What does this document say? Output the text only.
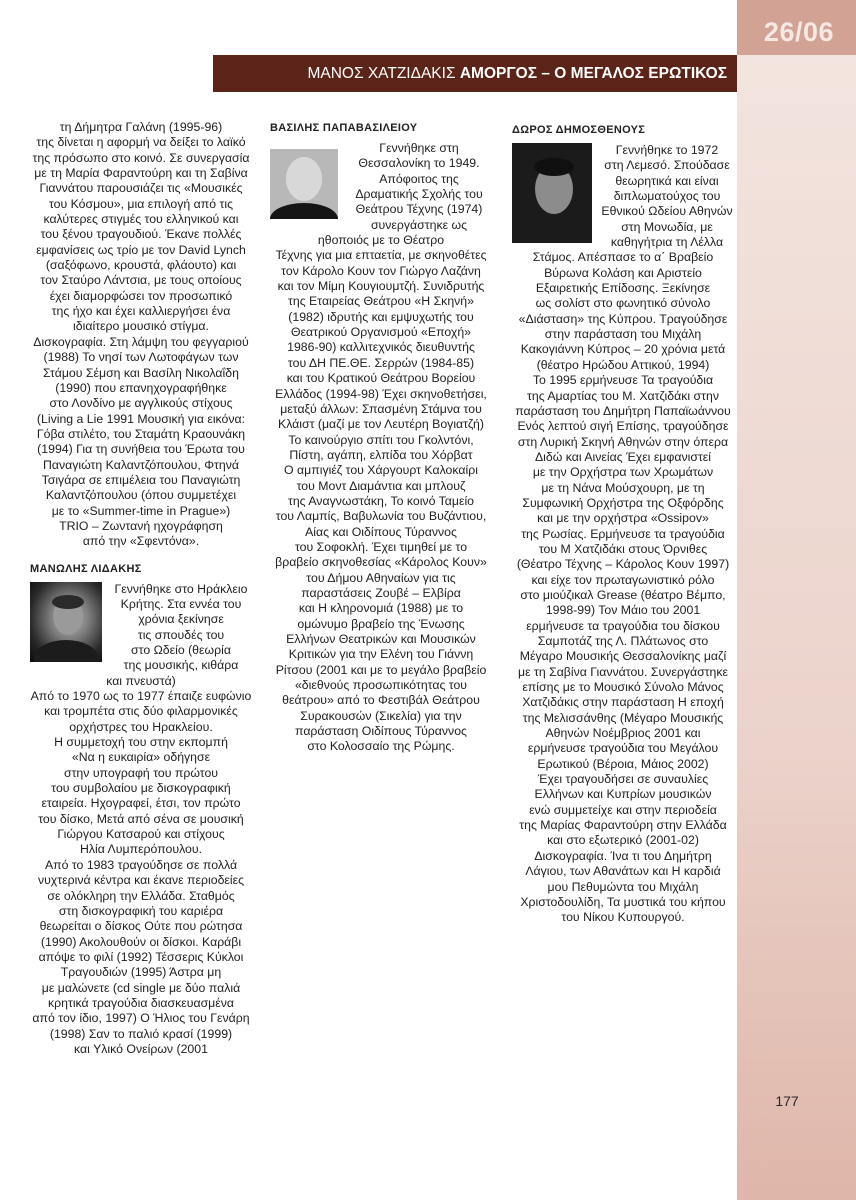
26/06
ΜΑΝΟΣ ΧΑΤΖΙΔΑΚΙΣ ΑΜΟΡΓΟΣ – Ο ΜΕΓΑΛΟΣ ΕΡΩΤΙΚΟΣ

τη Δήμητρα Γαλάνη (1995-96)

της δίνεται η αφορμή να δείξει το λαϊκό

της πρόσωπο στο κοινό. Σε συνεργασία

με τη Μαρία Φαραντούρη και τη Σαβίνα

Γιαννάτου παρουσιάζει τις «Μουσικές

του Κόσμου», μια επιλογή από τις

καλύτερες στιγμές του ελληνικού και

του ξένου τραγουδιού. Έκανε πολλές

εμφανίσεις ως τρίο με τον David Lynch

(σαξόφωνο, κρουστά, φλάουτο) και

τον Σταύρο Λάντσια, με τους οποίους

έχει διαμορφώσει τον προσωπικό

της ήχο και έχει καλλιεργήσει ένα

ιδιαίτερο μουσικό στίγμα.

Δισκογραφία. Στη λάμψη του φεγγαριού

(1988) Το νησί των Λωτοφάγων των

Στάμου Σέμση και Βασίλη Νικολαΐδη

(1990) που επανηχογραφήθηκε

στο Λονδίνο με αγγλικούς στίχους

(Living a Lie 1991 Μουσική για εικόνα:

Γόβα στιλέτο, του Σταμάτη Κραουνάκη

(1994) Για τη συνήθεια του Έρωτα του

Παναγιώτη Καλαντζόπουλου, Φτηνά

Τσιγάρα σε επιμέλεια του Παναγιώτη

Καλαντζόπουλου (όπου συμμετέχει

με το «Summer-time in Prague»)

TRIO – Ζωντανή ηχογράφηση

από την «Σφεντόνα».

ΜΑΝΩΛΗΣ ΛΙΔΑΚΗΣ

Γεννήθηκε στο Ηράκλειο

Κρήτης. Στα εννέα του

χρόνια ξεκίνησε

τις σπουδές του

στο Ωδείο (θεωρία

της μουσικής, κιθάρα

και πνευστά)

Από το 1970 ως το 1977 έπαιζε ευφώνιο

και τρομπέτα στις δύο φιλαρμονικές

ορχήστρες του Ηρακλείου.

Η συμμετοχή του στην εκπομπή

«Να η ευκαιρία» οδήγησε

στην υπογραφή του πρώτου

του συμβολαίου με δισκογραφική

εταιρεία. Ηχογραφεί, έτσι, τον πρώτο

του δίσκο, Μετά από σένα σε μουσική

Γιώργου Κατσαρού και στίχους

Ηλία Λυμπερόπουλου.

Από το 1983 τραγούδησε σε πολλά

νυχτερινά κέντρα και έκανε περιοδείες

σε ολόκληρη την Ελλάδα. Σταθμός

στη δισκογραφική του καριέρα

θεωρείται ο δίσκος Ούτε που ρώτησα

(1990) Ακολουθούν οι δίσκοι. Καράβι

απόψε το φιλί (1992) Τέσσερις Κύκλοι

Τραγουδιών (1995) Άστρα μη

με μαλώνετε (cd single με δύο παλιά

κρητικά τραγούδια διασκευασμένα

από τον ίδιο, 1997) Ο Ήλιος του Γενάρη

(1998) Σαν το παλιό κρασί (1999)

και Υλικό Ονείρων (2001

ΒΑΣΙΛΗΣ ΠΑΠΑΒΑΣΙΛΕΙΟΥ

Γεννήθηκε στη

Θεσσαλονίκη το 1949.

Απόφοιτος της

Δραματικής Σχολής του

Θεάτρου Τέχνης (1974)

συνεργάστηκε ως

ηθοποιός με το Θέατρο

Τέχνης για μια επταετία, με σκηνοθέτες

τον Κάρολο Κουν τον Γιώργο Λαζάνη

και τον Μίμη Κουγιουμτζή. Συνιδρυτής

της Εταιρείας Θεάτρου «Η Σκηνή»

(1982) ιδρυτής και εμψυχωτής του

Θεατρικού Οργανισμού «Εποχή»

1986-90) καλλιτεχνικός διευθυντής

του ΔΗ ΠΕ.ΘΕ. Σερρών (1984-85)

και του Κρατικού Θεάτρου Βορείου

Ελλάδος (1994-98) Έχει σκηνοθετήσει,

μεταξύ άλλων: Σπασμένη Στάμνα του

Κλάιστ (μαζί με τον Λευτέρη Βογιατζή)

Το καινούργιο σπίτι του Γκολντόνι,

Πίστη, αγάπη, ελπίδα του Χόρβατ

Ο αμπιγιέζ του Χάργουρτ Καλοκαίρι

του Μοντ Διαμάντια και μπλουζ

της Αναγνωστάκη, Το κοινό Ταμείο

του Λαμπίς, Βαβυλωνία του Βυζάντιου,

Αίας και Οιδίπους Τύραννος

του Σοφοκλή. Έχει τιμηθεί με το

βραβείο σκηνοθεσίας «Κάρολος Κουν»

του Δήμου Αθηναίων για τις

παραστάσεις Ζουβέ – Ελβίρα

και Η κληρονομιά (1988) με το

ομώνυμο βραβείο της Ένωσης

Ελλήνων Θεατρικών και Μουσικών

Κριτικών για την Ελένη του Γιάννη

Ρίτσου (2001 και με το μεγάλο βραβείο

«διεθνούς προσωπικότητας του

θεάτρου» από το Φεστιβάλ Θεάτρου

Συρακουσών (Σικελία) για την

παράσταση Οιδίπους Τύραννος

στο Κολοσσαίο της Ρώμης.

ΔΩΡΟΣ ΔΗΜΟΣΘΕΝΟΥΣ

Γεννήθηκε το 1972

στη Λεμεσό. Σπούδασε

θεωρητικά και είναι

διπλωματούχος του

Εθνικού Ωδείου Αθηνών

στη Μονωδία, με

καθηγήτρια τη Λέλλα

Στάμος. Απέσπασε το α΄ Βραβείο

Βύρωνα Κολάση και Αριστείο

Εξαιρετικής Επίδοσης. Ξεκίνησε

ως σολίστ στο φωνητικό σύνολο

«Διάσταση» της Κύπρου. Τραγούδησε

στην παράσταση του Μιχάλη

Κακογιάννη Κύπρος – 20 χρόνια μετά

(θέατρο Ηρώδου Αττικού, 1994)

Το 1995 ερμήνευσε Τα τραγούδια

της Αμαρτίας του Μ. Χατζιδάκι στην

παράσταση του Δημήτρη Παπαϊωάννου

Ενός λεπτού σιγή Επίσης, τραγούδησε

στη Λυρική Σκηνή Αθηνών στην όπερα

Διδώ και Αινείας Έχει εμφανιστεί

με την Ορχήστρα των Χρωμάτων

με τη Νάνα Μούσχουρη, με τη

Συμφωνική Ορχήστρα της Οξφόρδης

και με την ορχήστρα «Ossipov»

της Ρωσίας. Ερμήνευσε τα τραγούδια

του Μ Χατζιδάκι στους Όρνιθες

(Θέατρο Τέχνης – Κάρολος Κουν 1997)

και είχε τον πρωταγωνιστικό ρόλο

στο μιούζικαλ Grease (θέατρο Βέμπο,

1998-99) Τον Μάιο του 2001

ερμήνευσε τα τραγούδια του δίσκου

Σαμποτάζ της Λ. Πλάτωνος στο

Μέγαρο Μουσικής Θεσσαλονίκης μαζί

με τη Σαβίνα Γιαννάτου. Συνεργάστηκε

επίσης με το Μουσικό Σύνολο Μάνος

Χατζιδάκις στην παράσταση Η εποχή

της Μελισσάνθης (Μέγαρο Μουσικής

Αθηνών Νοέμβριος 2001 και

ερμήνευσε τραγούδια του Μεγάλου

Ερωτικού (Βέροια, Μάιος 2002)

Έχει τραγουδήσει σε συναυλίες

Ελλήνων και Κυπρίων μουσικών

ενώ συμμετείχε και στην περιοδεία

της Μαρίας Φαραντούρη στην Ελλάδα

και στο εξωτερικό (2001-02)

Δισκογραφία. Ίνα τι του Δημήτρη

Λάγιου, των Αθανάτων και Η καρδιά

μου Πεθυμώντα του Μιχάλη

Χριστοδουλίδη, Τα μυστικά του κήπου

του Νίκου Κυπουργού.

177
